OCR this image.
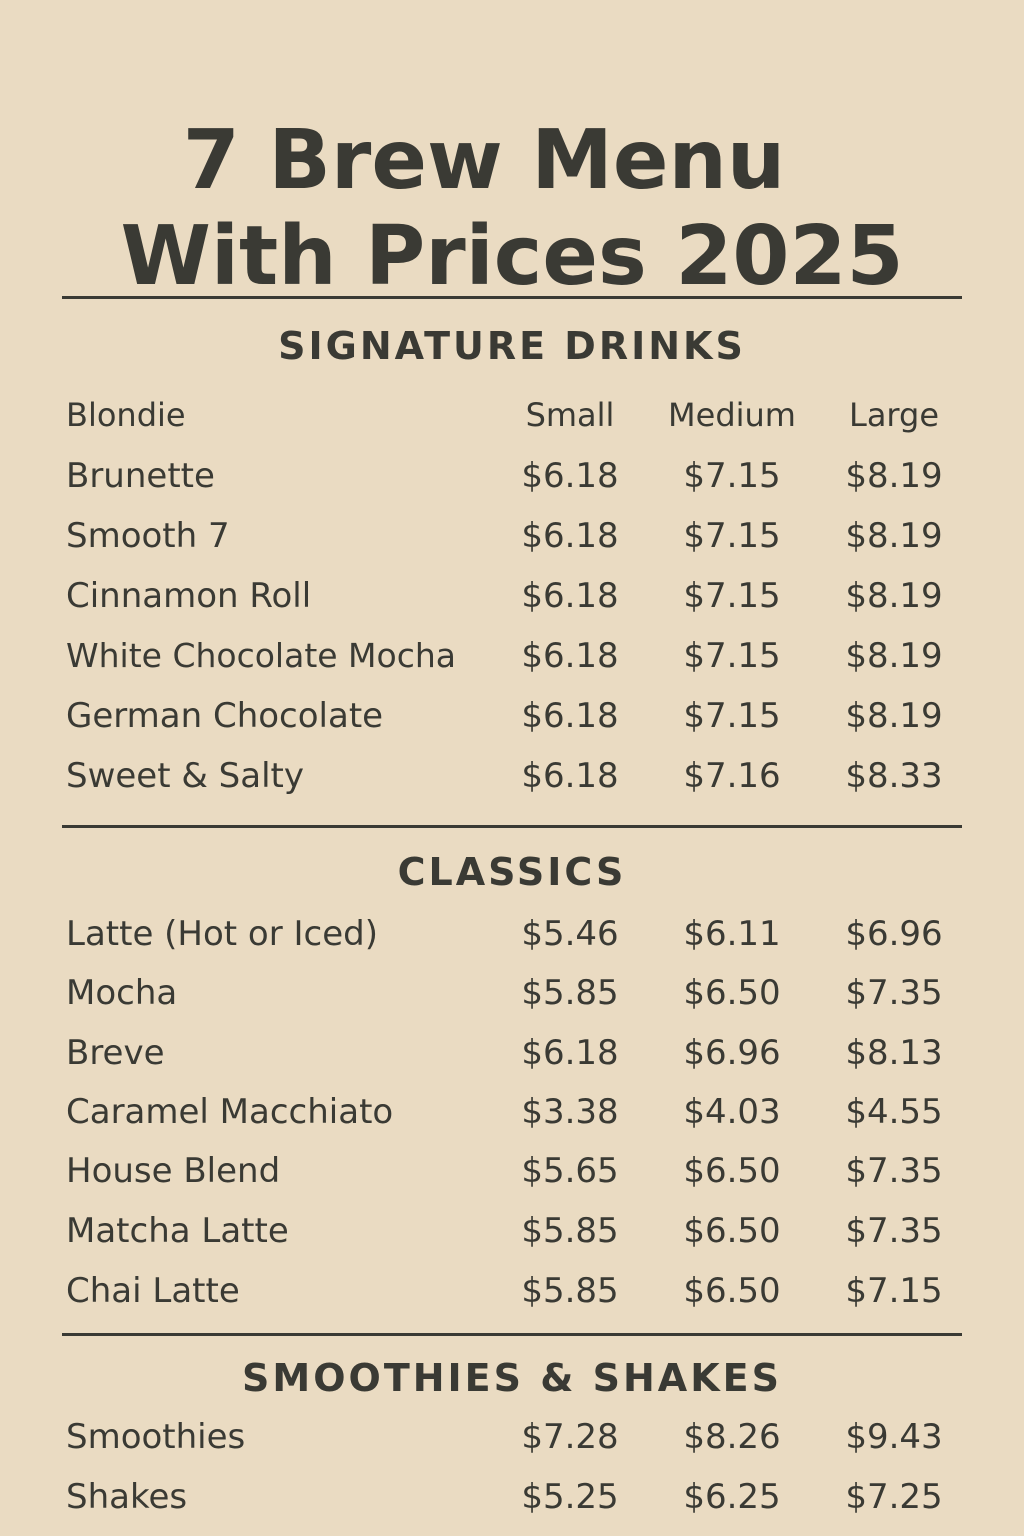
7 Brew Menu
With Prices 2025
SIGNATURE DRINKS
Blondie	Small	Medium	Large
Brunette	$6.18	$7.15	$8.19
Smooth 7	$6.18	$7.15	$8.19
Cinnamon Roll	$6.18	$7.15	$8.19
White Chocolate Mocha	$6.18	$7.15	$8.19
German Chocolate	$6.18	$7.15	$8.19
Sweet & Salty	$6.18	$7.16	$8.33
CLASSICS
Latte (Hot or Iced)	$5.46	$6.11	$6.96
Mocha	$5.85	$6.50	$7.35
Breve	$6.18	$6.96	$8.13
Caramel Macchiato	$3.38	$4.03	$4.55
House Blend	$5.65	$6.50	$7.35
Matcha Latte	$5.85	$6.50	$7.35
Chai Latte	$5.85	$6.50	$7.15
SMOOTHIES & SHAKES
Smoothies	$7.28	$8.26	$9.43
Shakes	$5.25	$6.25	$7.25
